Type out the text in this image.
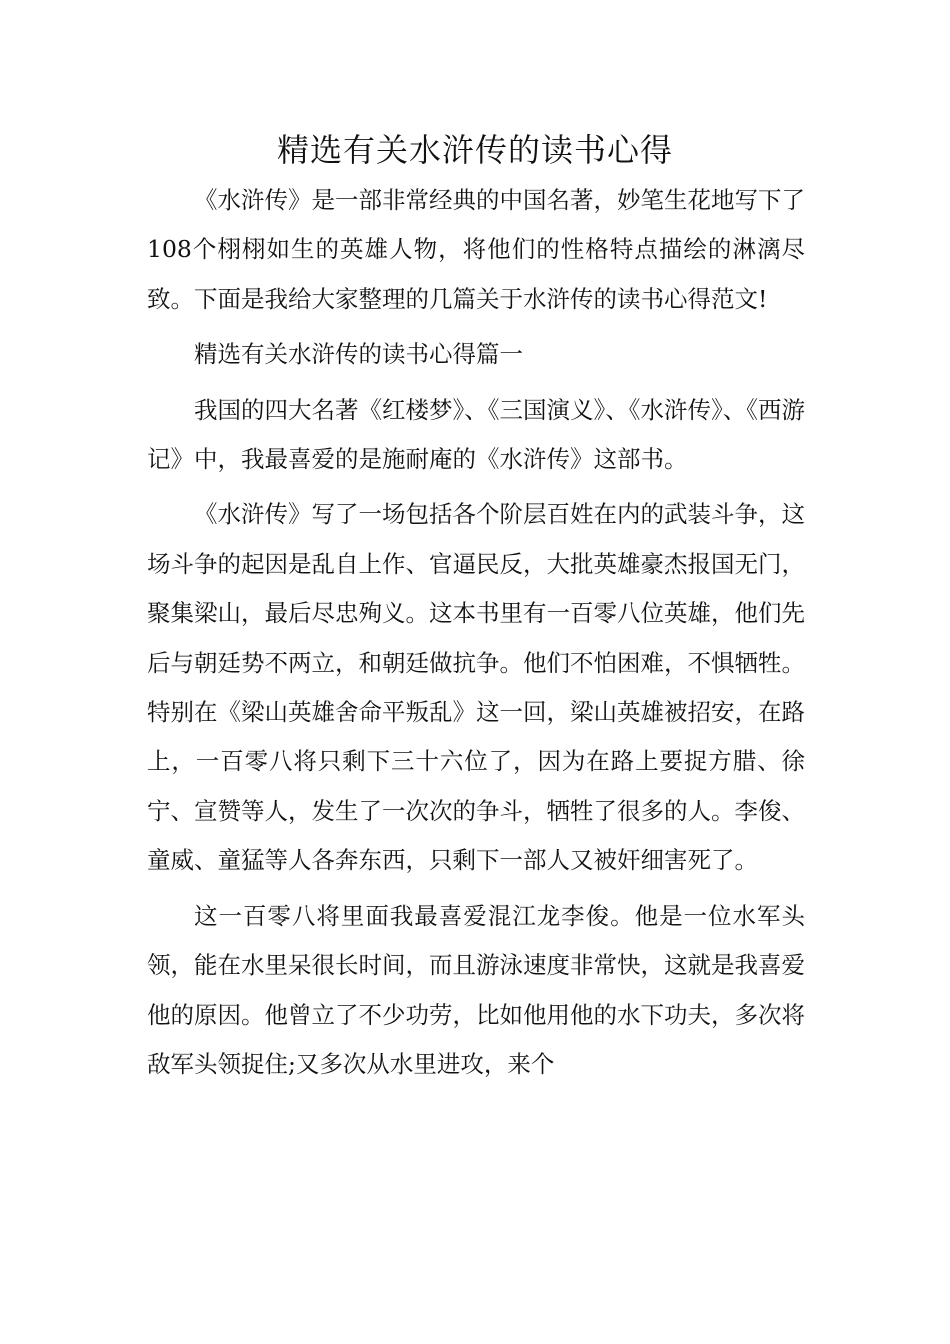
精选有关水浒传的读书心得

《水浒传》是一部非常经典的中国名著，妙笔生花地写下了108个栩栩如生的英雄人物，将他们的性格特点描绘的淋漓尽致。下面是我给大家整理的几篇关于水浒传的读书心得范文!

精选有关水浒传的读书心得篇一

我国的四大名著《红楼梦》、《三国演义》、《水浒传》、《西游记》中，我最喜爱的是施耐庵的《水浒传》这部书。

《水浒传》写了一场包括各个阶层百姓在内的武装斗争，这场斗争的起因是乱自上作、官逼民反，大批英雄豪杰报国无门，聚集梁山，最后尽忠殉义。这本书里有一百零八位英雄，他们先后与朝廷势不两立，和朝廷做抗争。他们不怕困难，不惧牺牲。特别在《梁山英雄舍命平叛乱》这一回，梁山英雄被招安，在路上，一百零八将只剩下三十六位了，因为在路上要捉方腊、徐宁、宣赞等人，发生了一次次的争斗，牺牲了很多的人。李俊、童威、童猛等人各奔东西，只剩下一部人又被奸细害死了。

这一百零八将里面我最喜爱混江龙李俊。他是一位水军头领，能在水里呆很长时间，而且游泳速度非常快，这就是我喜爱他的原因。他曾立了不少功劳，比如他用他的水下功夫，多次将敌军头领捉住;又多次从水里进攻，来个
